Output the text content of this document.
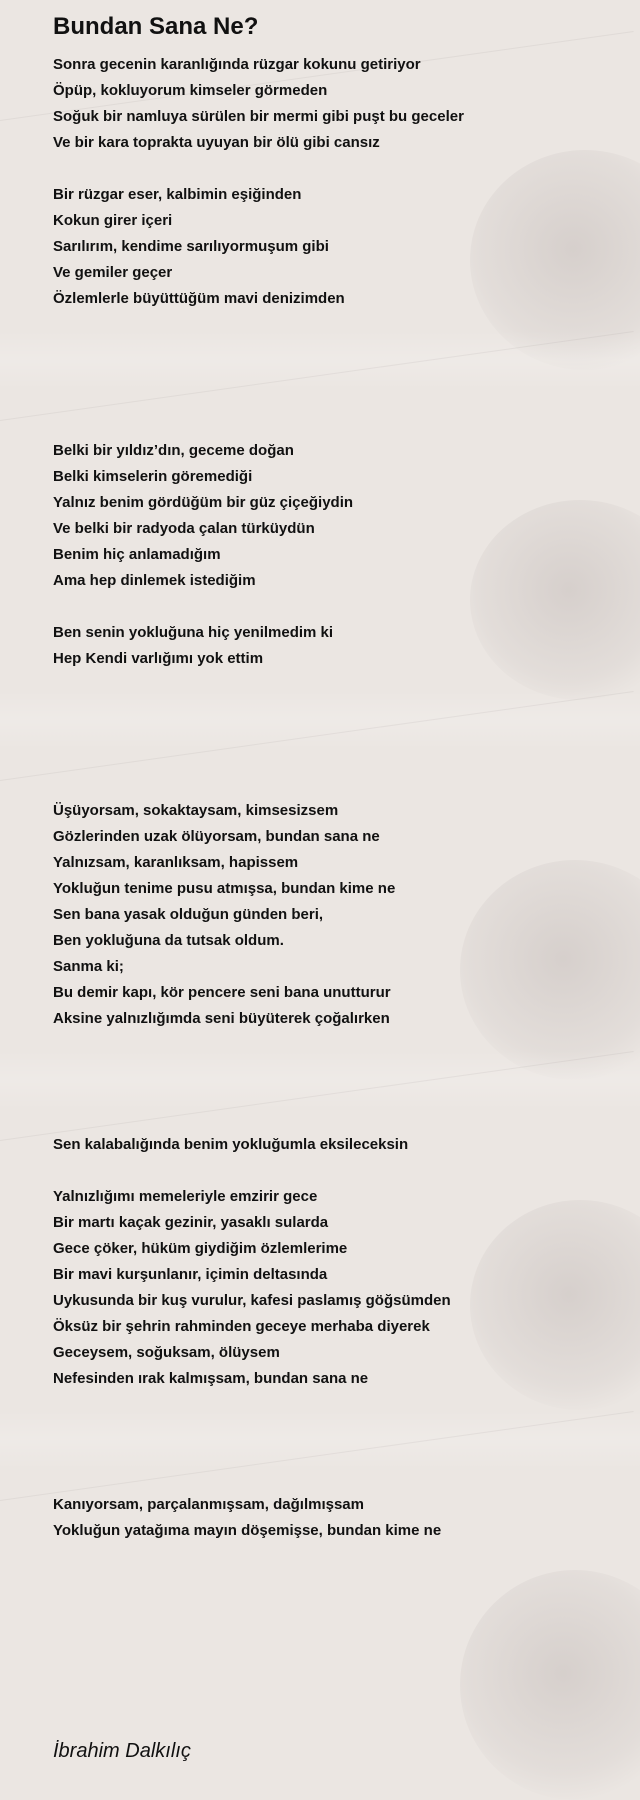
Bundan Sana Ne?
Sonra gecenin karanlığında rüzgar kokunu getiriyor
Öpüp, kokluyorum kimseler görmeden
Soğuk bir namluya sürülen bir mermi gibi puşt bu geceler
Ve bir kara toprakta uyuyan bir ölü gibi cansız
Bir rüzgar eser, kalbimin eşiğinden
Kokun girer içeri
Sarılırım, kendime sarılıyormuşum gibi
Ve gemiler geçer
Özlemlerle büyüttüğüm mavi denizimden
Belki bir yıldız’dın, geceme doğan
Belki kimselerin göremediği
Yalnız benim gördüğüm bir güz çiçeğiydin
Ve belki bir radyoda çalan türküydün
Benim hiç anlamadığım
Ama hep dinlemek istediğim
Ben senin yokluğuna hiç yenilmedim ki
Hep Kendi varlığımı yok ettim
Üşüyorsam, sokaktaysam, kimsesizsem
Gözlerinden uzak ölüyorsam, bundan sana ne
Yalnızsam, karanlıksam, hapissem
Yokluğun tenime pusu atmışsa, bundan kime ne
Sen bana yasak olduğun günden beri,
Ben yokluğuna da tutsak oldum.
Sanma ki;
Bu demir kapı, kör pencere seni bana unutturur
Aksine yalnızlığımda seni büyüterek çoğalırken
Sen kalabalığında benim yokluğumla eksileceksin
Yalnızlığımı memeleriyle emzirir gece
Bir martı kaçak gezinir, yasaklı sularda
Gece çöker, hüküm giydiğim özlemlerime
Bir mavi kurşunlanır, içimin deltasında
Uykusunda bir kuş vurulur, kafesi paslamış göğsümden
Öksüz bir şehrin rahminden geceye merhaba diyerek
Geceysem, soğuksam, ölüysem
Nefesinden ırak kalmışsam, bundan sana ne
Kanıyorsam, parçalanmışsam, dağılmışsam
Yokluğun yatağıma mayın döşemişse, bundan kime ne
İbrahim Dalkılıç
